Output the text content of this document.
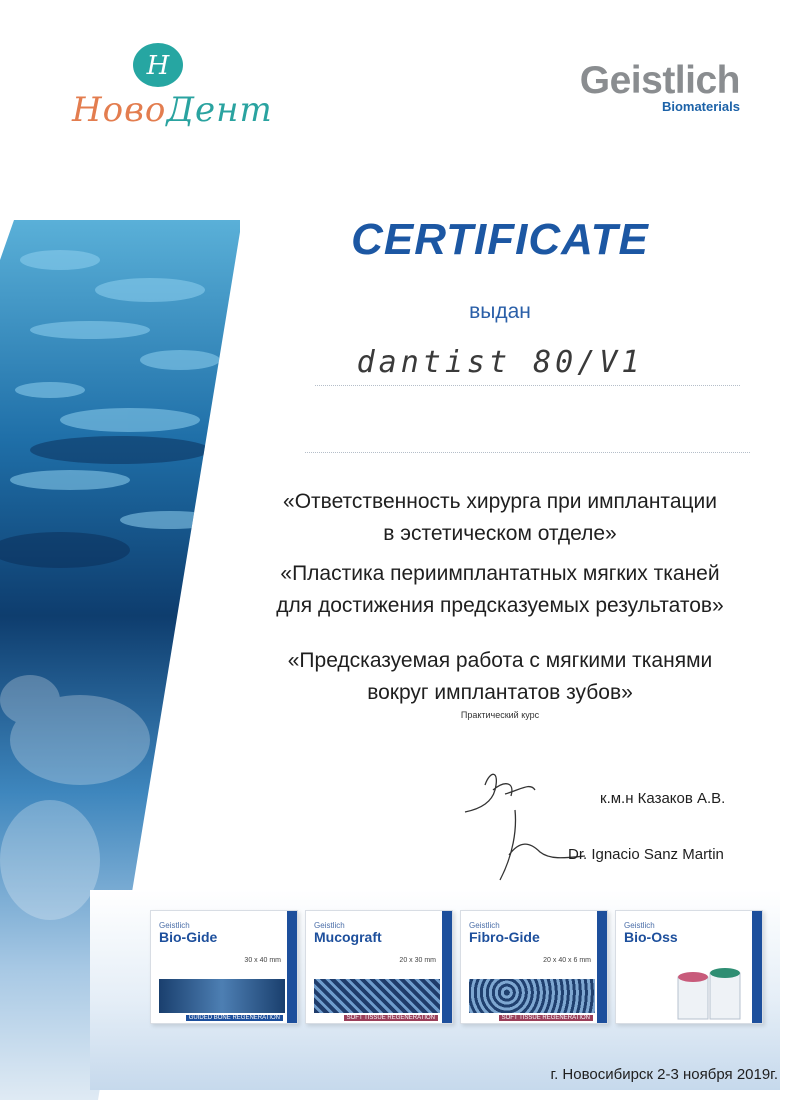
Н
НовоДент
Geistlich
Biomaterials
CERTIFICATE
выдан
dantist 80/V1
«Ответственность хирурга при имплантации
в эстетическом отделе»
«Пластика периимплантатных мягких тканей
для достижения предсказуемых результатов»
«Предсказуемая работа с мягкими тканями
вокруг имплантатов зубов»
Практический курс
к.м.н Казаков А.В.
Dr. Ignacio Sanz Martin
Geistlich
Bio-Gide
30 x 40 mm
GUIDED BONE REGENERATION
Geistlich
Mucograft
20 x 30 mm
SOFT TISSUE REGENERATION
Geistlich
Fibro-Gide
20 x 40 x 6 mm
SOFT TISSUE REGENERATION
Geistlich
Bio-Oss
г. Новосибирск 2-3 ноября 2019г.
